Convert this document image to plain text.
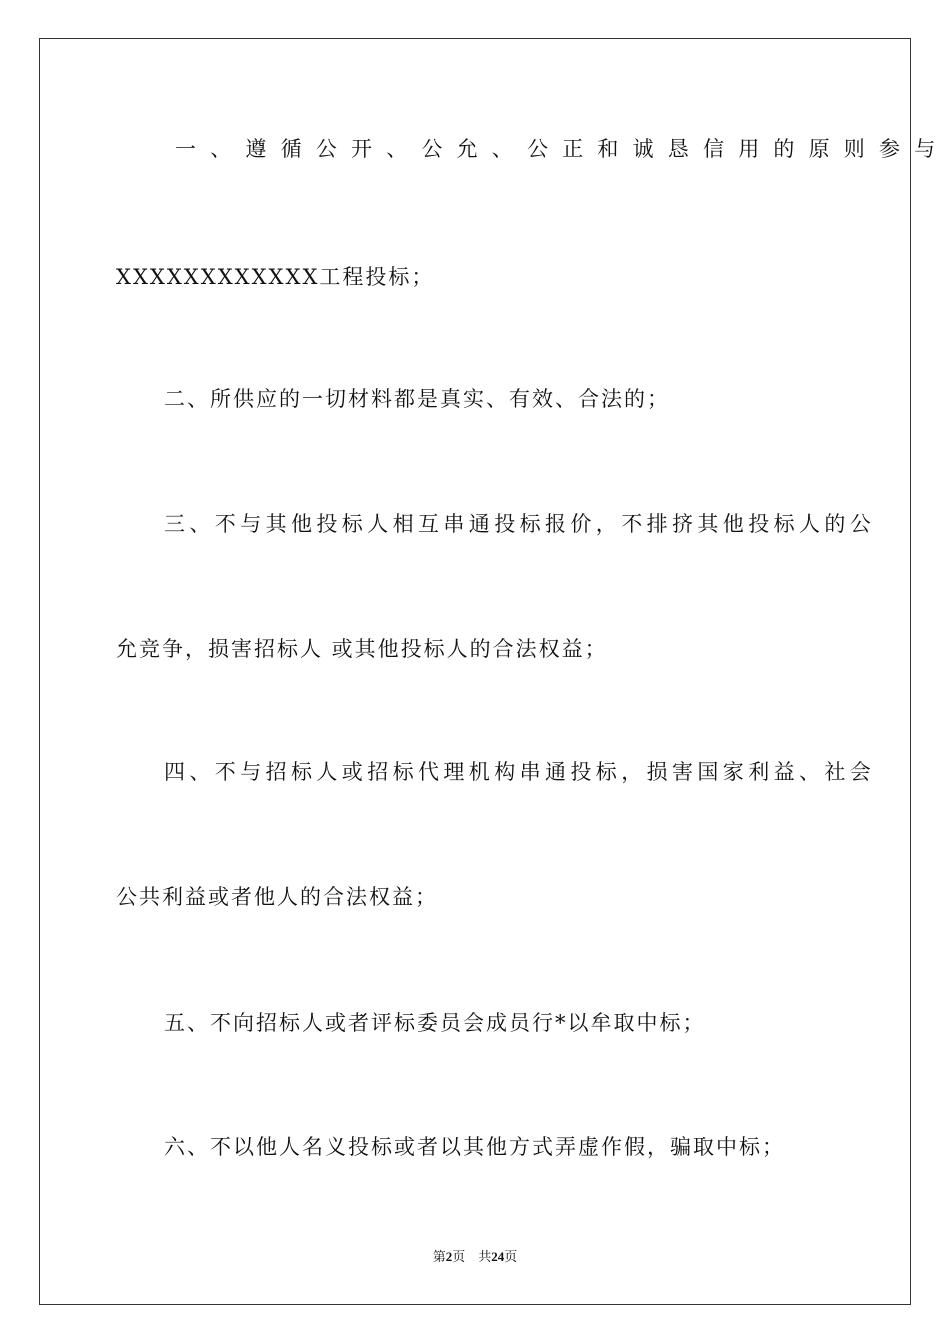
一、遵循公开、公允、公正和诚恳信用的原则参与
XXXXXXXXXXXX工程投标；
二、所供应的一切材料都是真实、有效、合法的；
三、不与其他投标人相互串通投标报价，不排挤其他投标人的公
允竞争，损害招标人 或其他投标人的合法权益；
四、不与招标人或招标代理机构串通投标，损害国家利益、社会
公共利益或者他人的合法权益；
五、不向招标人或者评标委员会成员行*以牟取中标；
六、不以他人名义投标或者以其他方式弄虚作假，骗取中标；
第2页 共24页
